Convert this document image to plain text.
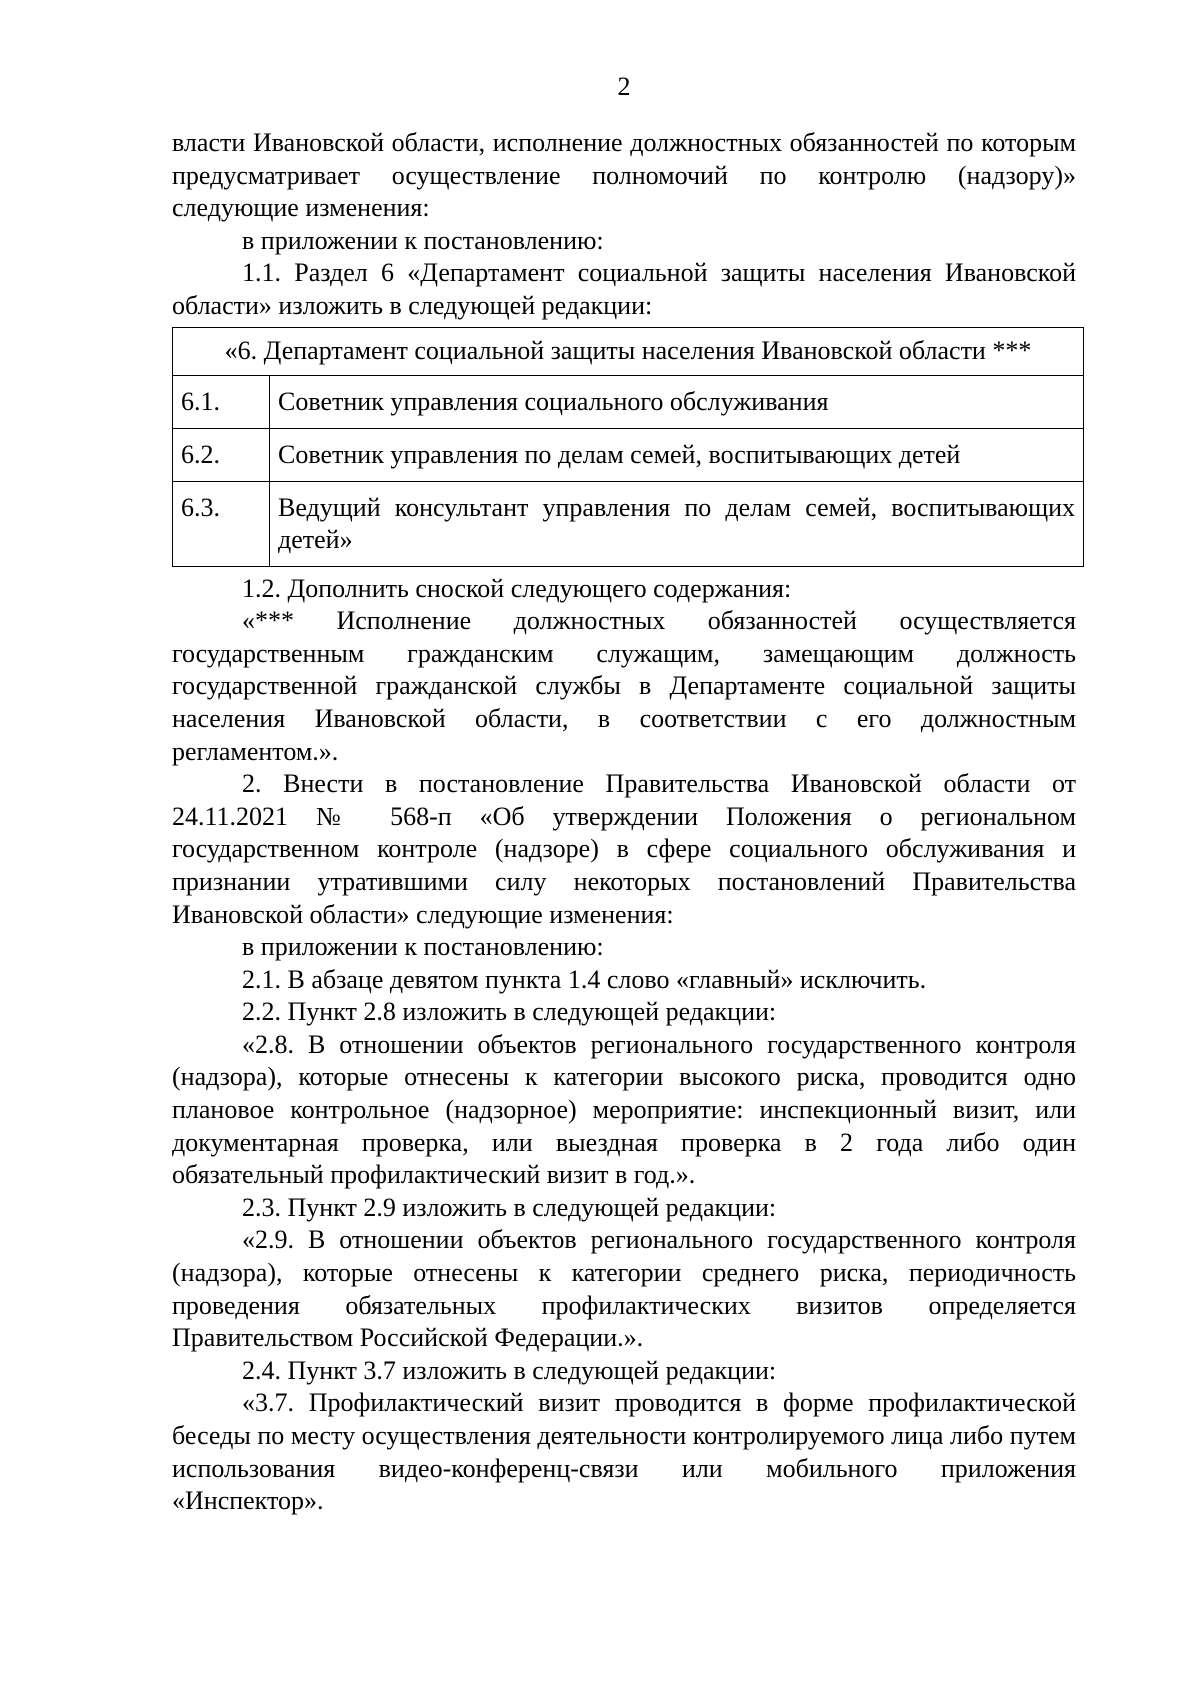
2

власти Ивановской области, исполнение должностных обязанностей по которым предусматривает осуществление полномочий по контролю (надзору)» следующие изменения:

в приложении к постановлению:

1.1. Раздел 6 «Департамент социальной защиты населения Ивановской области» изложить в следующей редакции:

«6. Департамент социальной защиты населения Ивановской области ***	
6.1.	Советник управления социального обслуживания
6.2.	Советник управления по делам семей, воспитывающих детей
6.3.	Ведущий консультант управления по делам семей, воспитывающих детей»

1.2. Дополнить сноской следующего содержания:

«*** Исполнение должностных обязанностей осуществляется государственным гражданским служащим, замещающим должность государственной гражданской службы в Департаменте социальной защиты населения Ивановской области, в соответствии с его должностным регламентом.».

2. Внести в постановление Правительства Ивановской области от 24.11.2021 № 568-п «Об утверждении Положения о региональном государственном контроле (надзоре) в сфере социального обслуживания и признании утратившими силу некоторых постановлений Правительства Ивановской области» следующие изменения:

в приложении к постановлению:

2.1. В абзаце девятом пункта 1.4 слово «главный» исключить.

2.2. Пункт 2.8 изложить в следующей редакции:

«2.8. В отношении объектов регионального государственного контроля (надзора), которые отнесены к категории высокого риска, проводится одно плановое контрольное (надзорное) мероприятие: инспекционный визит, или документарная проверка, или выездная проверка в 2 года либо один обязательный профилактический визит в год.».

2.3. Пункт 2.9 изложить в следующей редакции:

«2.9. В отношении объектов регионального государственного контроля (надзора), которые отнесены к категории среднего риска, периодичность проведения обязательных профилактических визитов определяется Правительством Российской Федерации.».

2.4. Пункт 3.7 изложить в следующей редакции:

«3.7. Профилактический визит проводится в форме профилактической беседы по месту осуществления деятельности контролируемого лица либо путем использования видео-конференц-связи или мобильного приложения «Инспектор».
